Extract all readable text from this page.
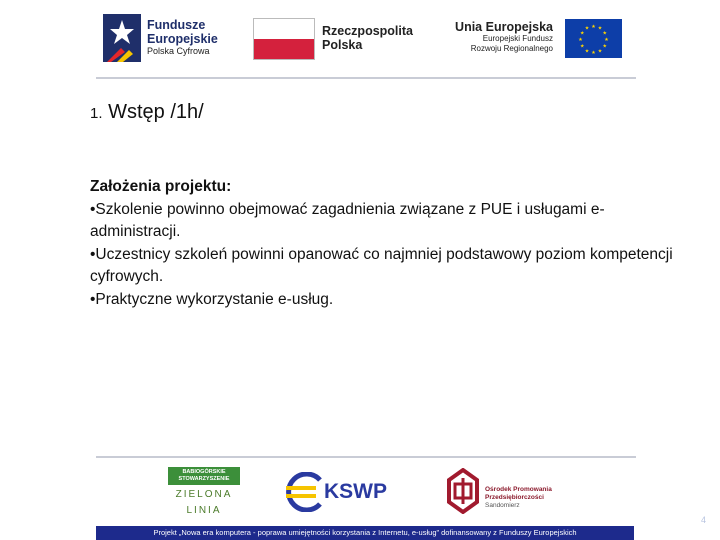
Fundusze
Europejskie
Polska Cyfrowa
Rzeczpospolita
Polska
Unia Europejska
Europejski Fundusz
Rozwoju Regionalnego
★ ★
★
★
★
★
★
★
★
★
★
★
1. Wstęp /1h/
Założenia projektu:
•Szkolenie powinno obejmować zagadnienia związane z PUE i usługami e-administracji.
•Uczestnicy szkoleń powinni opanować co najmniej podstawowy poziom kompetencji cyfrowych.
•Praktyczne wykorzystanie e-usług.
BABIOGÓRSKIE STOWARZYSZENIE
ZIELONA
LINIA
KSWP	Ośrodek Promowania
Przedsiębiorczości
Sandomierz
Projekt „Nowa era komputera - poprawa umiejętności korzystania z Internetu, e-usług” dofinansowany z Funduszy Europejskich
4
